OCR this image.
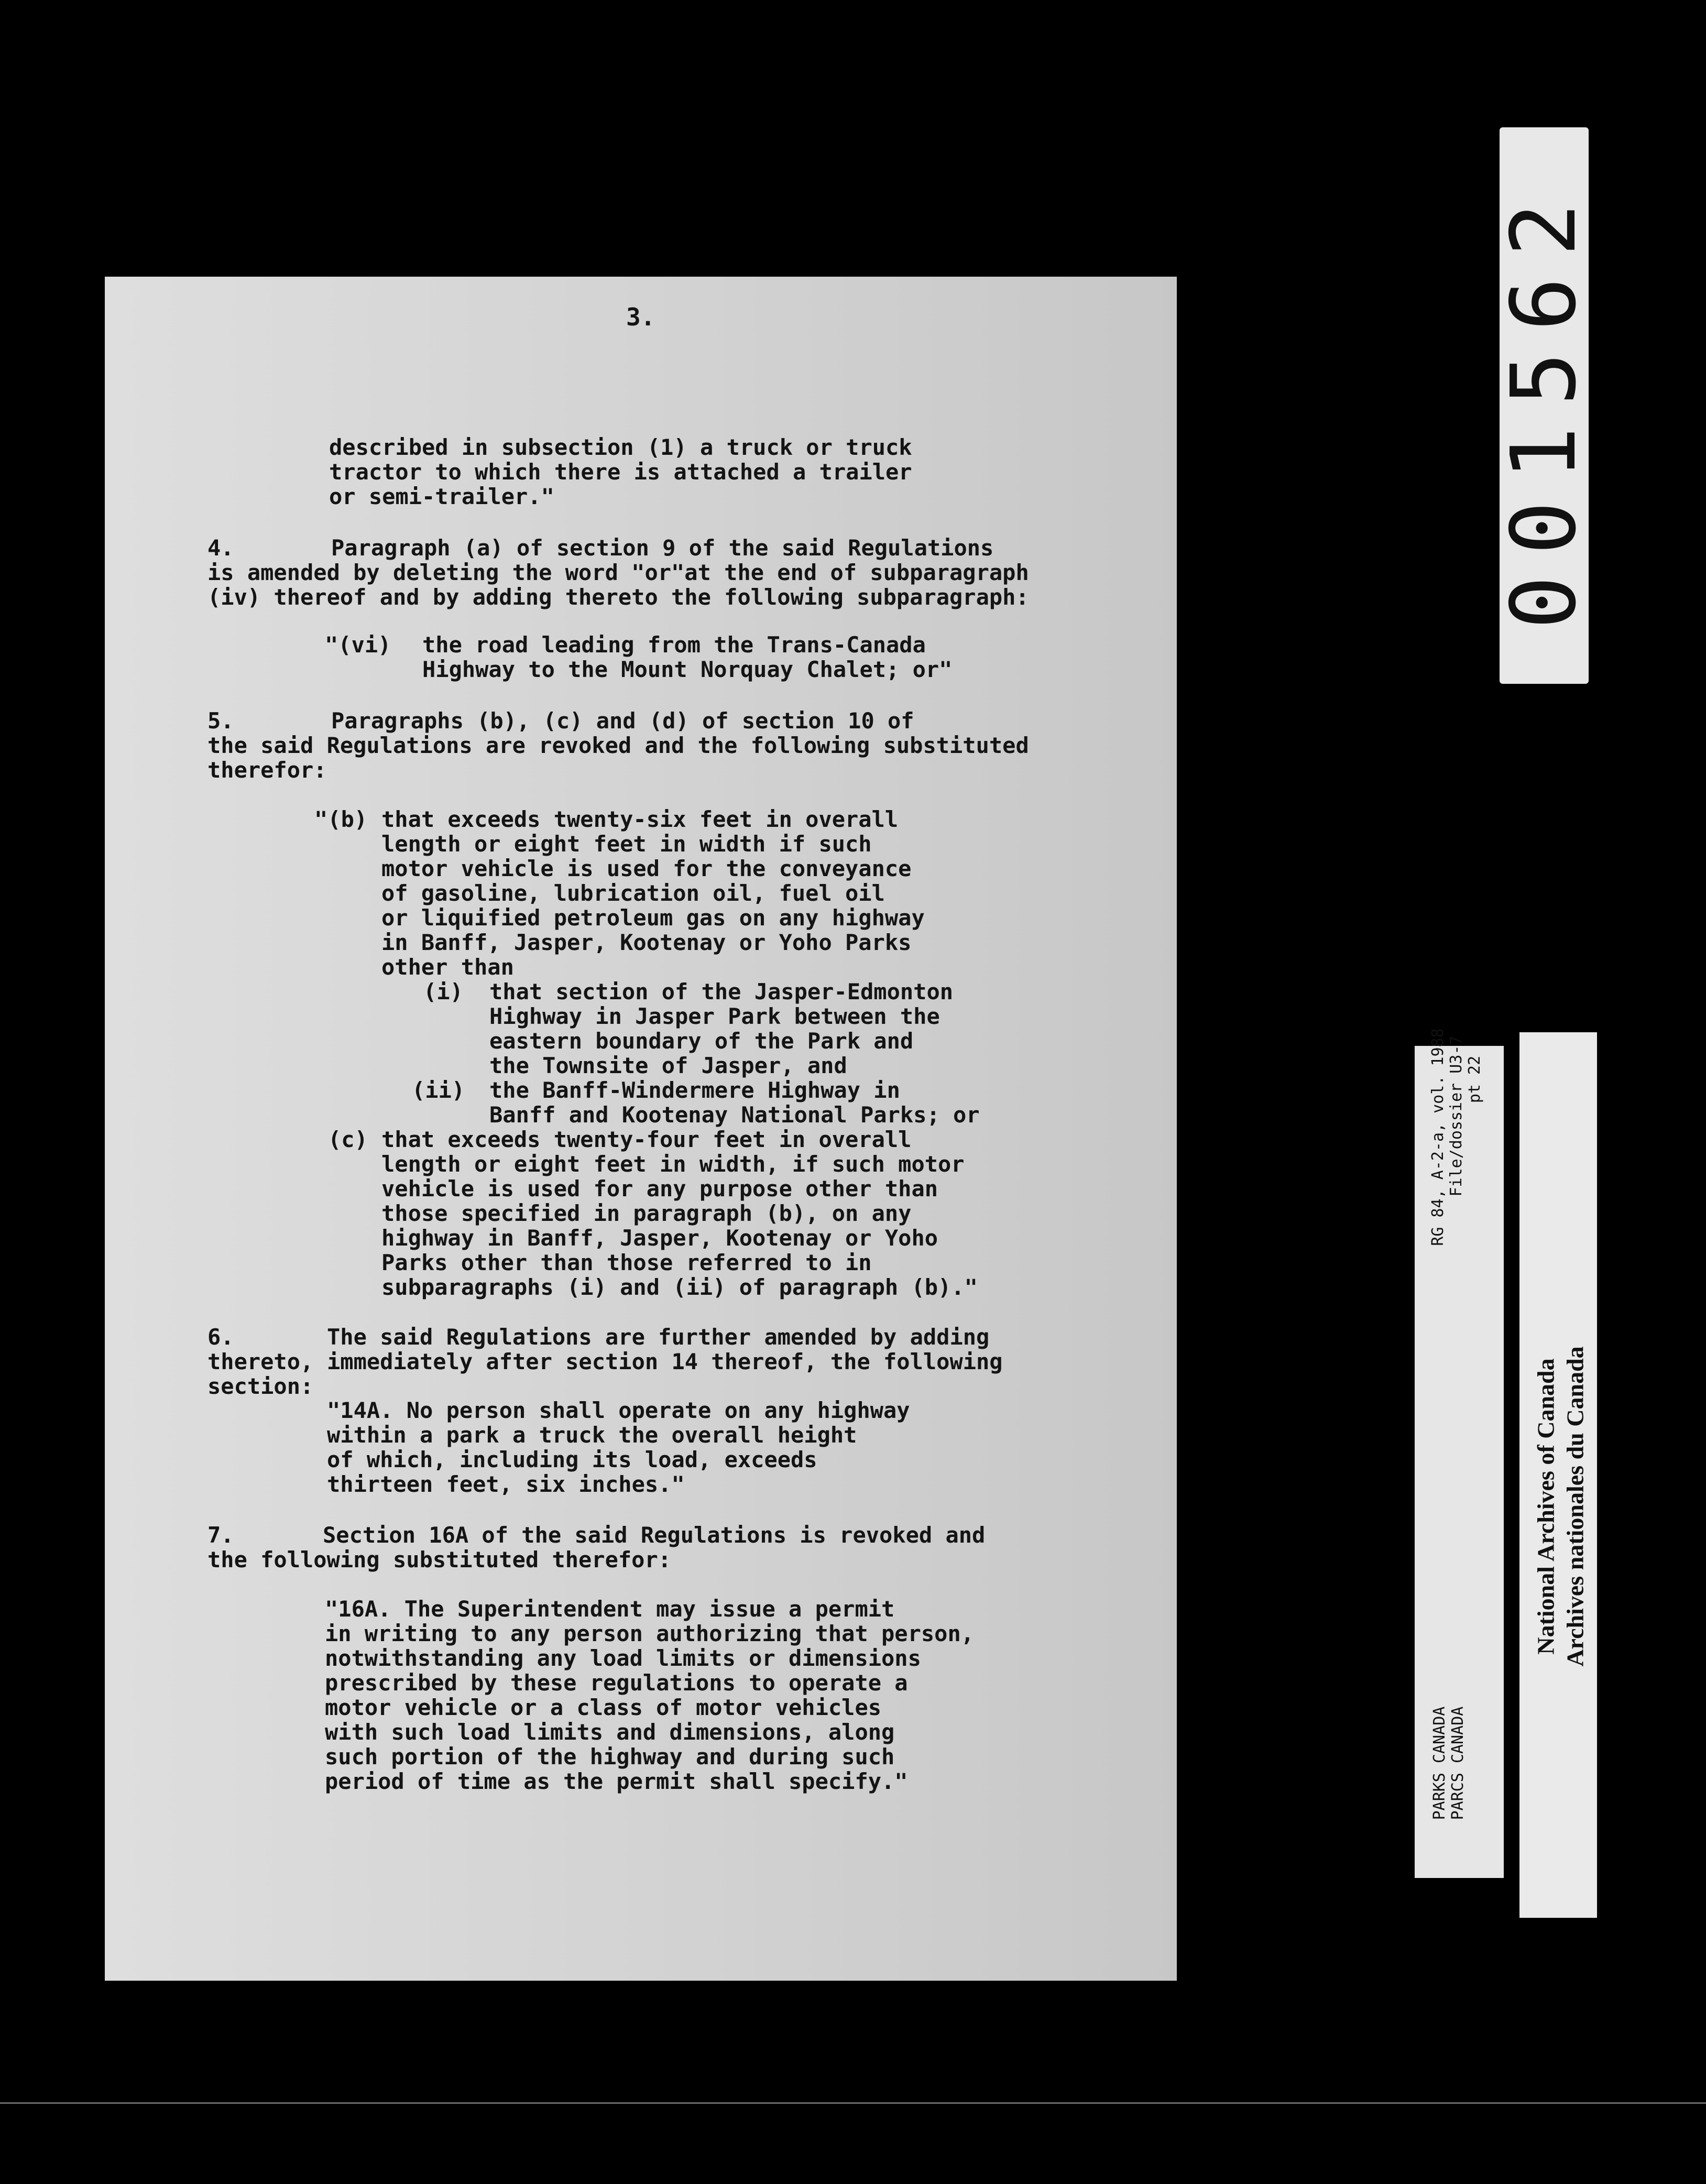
3.
described in subsection (1) a truck or truck
tractor to which there is attached a trailer
or semi-trailer."
4.	Paragraph (a) of section 9 of the said Regulations
is amended by deleting the word "or"at the end of subparagraph
(iv) thereof and by adding thereto the following subparagraph:
"(vi) the road leading from the Trans-Canada
Highway to the Mount Norquay Chalet; or"
5.	Paragraphs (b), (c) and (d) of section 10 of
the said Regulations are revoked and the following substituted
therefor:
"(b) that exceeds twenty-six feet in overall
length or eight feet in width if such
motor vehicle is used for the conveyance
of gasoline, lubrication oil, fuel oil
or liquified petroleum gas on any highway
in Banff, Jasper, Kootenay or Yoho Parks
other than
(i) that section of the Jasper-Edmonton
Highway in Jasper Park between the
eastern boundary of the Park and
the Townsite of Jasper, and
(ii) the Banff-Windermere Highway in
Banff and Kootenay National Parks; or
(c) that exceeds twenty-four feet in overall
length or eight feet in width, if such motor
vehicle is used for any purpose other than
those specified in paragraph (b), on any
highway in Banff, Jasper, Kootenay or Yoho
Parks other than those referred to in
subparagraphs (i) and (ii) of paragraph (b)."
6.	The said Regulations are further amended by adding
thereto, immediately after section 14 thereof, the following
section:
"14A. No person shall operate on any highway
within a park a truck the overall height
of which, including its load, exceeds
thirteen feet, six inches."
7.	Section 16A of the said Regulations is revoked and
the following substituted therefor:
"16A. The Superintendent may issue a permit
in writing to any person authorizing that person,
notwithstanding any load limits or dimensions
prescribed by these regulations to operate a
motor vehicle or a class of motor vehicles
with such load limits and dimensions, along
such portion of the highway and during such
period of time as the permit shall specify."
001562
RG 84, A-2-a, vol. 1988 File/dossier U3-7 pt 22
PARKS CANADA PARCS CANADA
National Archives of Canada Archives nationales du Canada
